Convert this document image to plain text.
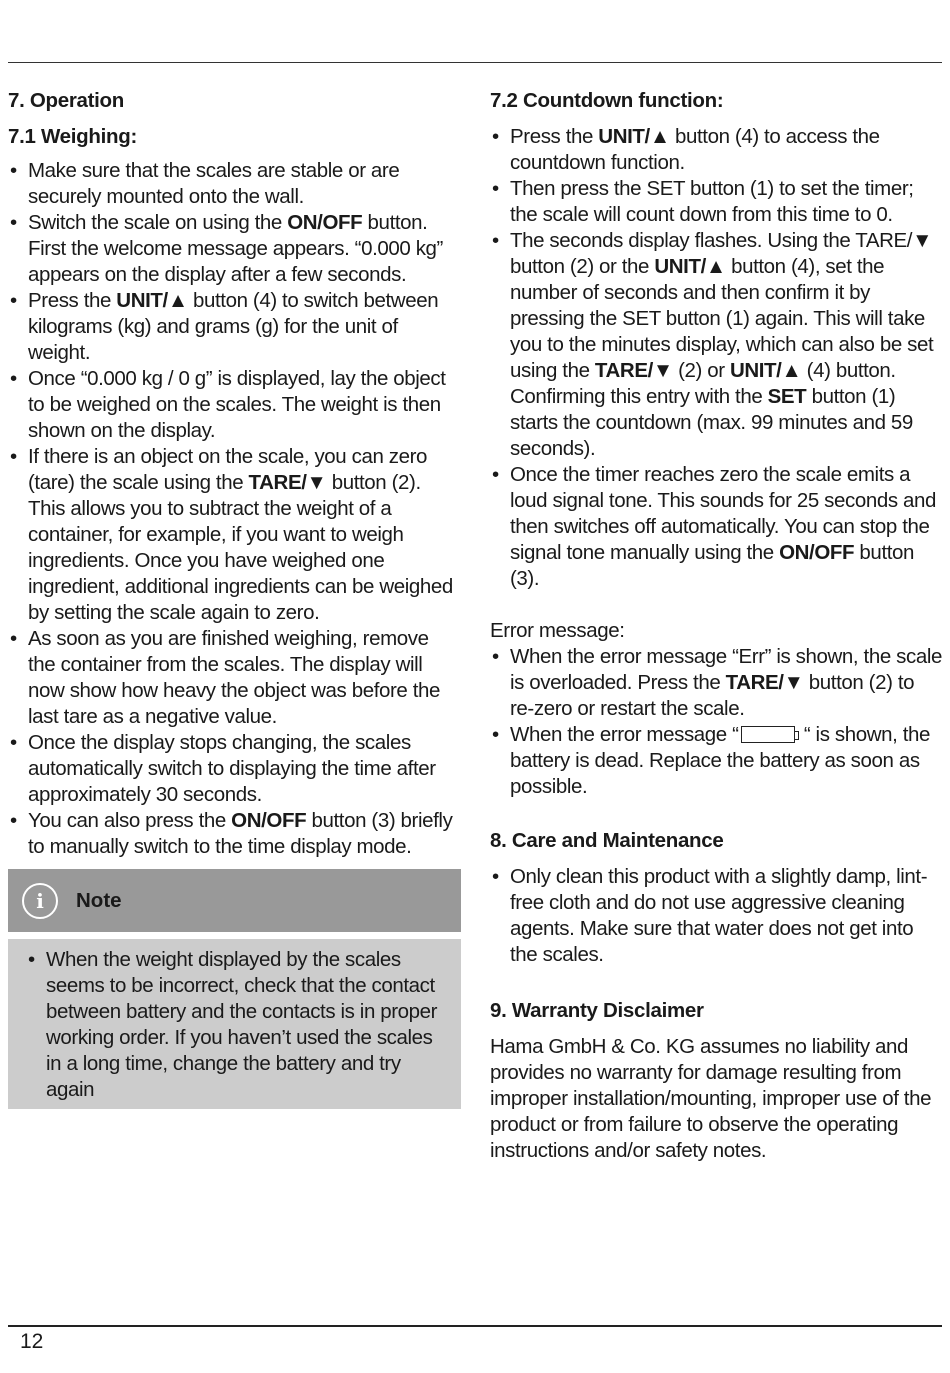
7. Operation
7.1 Weighing:
• Make sure that the scales are stable or are securely mounted onto the wall.
• Switch the scale on using the ON/OFF button. First the welcome message appears. “0.000 kg” appears on the display after a few seconds.
• Press the UNIT/▲ button (4) to switch between kilograms (kg) and grams (g) for the unit of weight.
• Once “0.000 kg / 0 g” is displayed, lay the object to be weighed on the scales. The weight is then shown on the display.
• If there is an object on the scale, you can zero (tare) the scale using the TARE/▼ button (2). This allows you to subtract the weight of a container, for example, if you want to weigh ingredients. Once you have weighed one ingredient, additional ingredients can be weighed by setting the scale again to zero.
• As soon as you are finished weighing, remove the container from the scales. The display will now show how heavy the object was before the last tare as a negative value.
• Once the display stops changing, the scales automatically switch to displaying the time after approximately 30 seconds.
• You can also press the ON/OFF button (3) briefly to manually switch to the time display mode.
i Note
• When the weight displayed by the scales seems to be incorrect, check that the contact between battery and the contacts is in proper working order. If you haven’t used the scales in a long time, change the battery and try again
7.2 Countdown function:
• Press the UNIT/▲ button (4) to access the countdown function.
• Then press the SET button (1) to set the timer; the scale will count down from this time to 0.
• The seconds display flashes. Using the TARE/▼ button (2) or the UNIT/▲ button (4), set the number of seconds and then confirm it by pressing the SET button (1) again. This will take you to the minutes display, which can also be set using the TARE/▼ (2) or UNIT/▲ (4) button. Confirming this entry with the SET button (1) starts the countdown (max. 99 minutes and 59 seconds).
• Once the timer reaches zero the scale emits a loud signal tone. This sounds for 25 seconds and then switches off automatically. You can stop the signal tone manually using the ON/OFF button (3).

Error message:

• When the error message “Err” is shown, the scale is overloaded. Press the TARE/▼ button (2) to re-zero or restart the scale.
• When the error message “	“ is shown, the battery is dead. Replace the battery as soon as possible.
8. Care and Maintenance
• Only clean this product with a slightly damp, lint-free cloth and do not use aggressive cleaning agents. Make sure that water does not get into the scales.
9. Warranty Disclaimer

Hama GmbH & Co. KG assumes no liability and provides no warranty for damage resulting from improper installation/mounting, improper use of the product or from failure to observe the operating instructions and/or safety notes.

12
